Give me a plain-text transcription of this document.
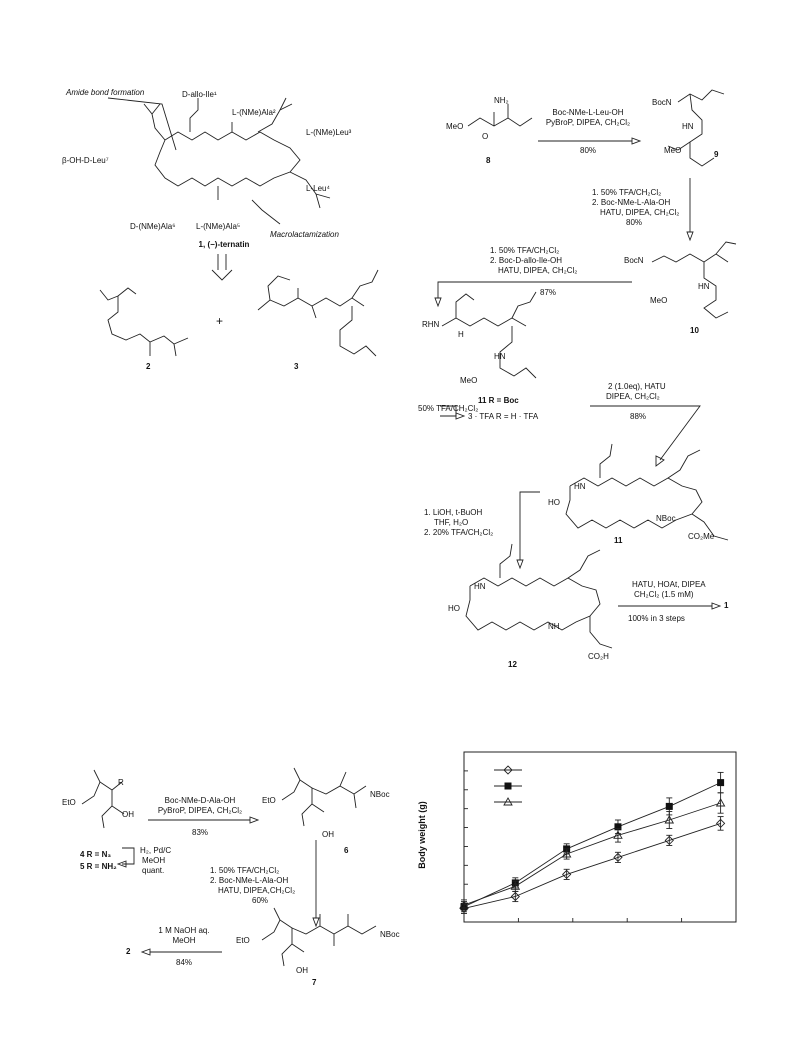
Amide bond formation	D-allo-Ile¹
L-(NMe)Ala²
L-(NMe)Leu³
L-Leu⁴
L-(NMe)Ala⁵
D-(NMe)Ala⁶
β-OH-D-Leu⁷
Macrolactamization
1, (−)-ternatin
2	3
+
MeO
NH₂
O
8
Boc-NMe-L-Leu-OH
PyBroP, DIPEA, CH₂Cl₂
80%
BocN
HN
MeO	9
1. 50% TFA/CH₂Cl₂
2. Boc-NMe-L-Ala-OH
HATU, DIPEA, CH₂Cl₂
80%
BocN
HN
MeO
10
1. 50% TFA/CH₂Cl₂
2. Boc-D-allo-Ile-OH
HATU, DIPEA, CH₂Cl₂
87%
RHN
H
HN
MeO
11 R = Boc
50% TFA/CH₂Cl₂
3 · TFA R = H · TFA
2 (1.0eq), HATU
DIPEA, CH₂Cl₂
88%
HO
HN
NBoc
CO₂Me
11
1. LiOH, t-BuOH
THF, H₂O
2. 20% TFA/CH₂Cl₂
HO
HN
NH
CO₂H
12
HATU, HOAt, DIPEA
CH₂Cl₂ (1.5 mM)
100% in 3 steps
1
EtO
R
OH
4 R = N₃
5 R = NH₂
H₂, Pd/C
MeOH
quant.
Boc-NMe-D-Ala-OH
PyBroP, DIPEA, CH₂Cl₂
83%
EtO
NBoc
OH
6
1. 50% TFA/CH₂Cl₂
2. Boc-NMe-L-Ala-OH
HATU, DIPEA,CH₂Cl₂
60%
EtO
NBoc
OH
7
1 M NaOH aq.
MeOH
84%
2
Body weight (g)
